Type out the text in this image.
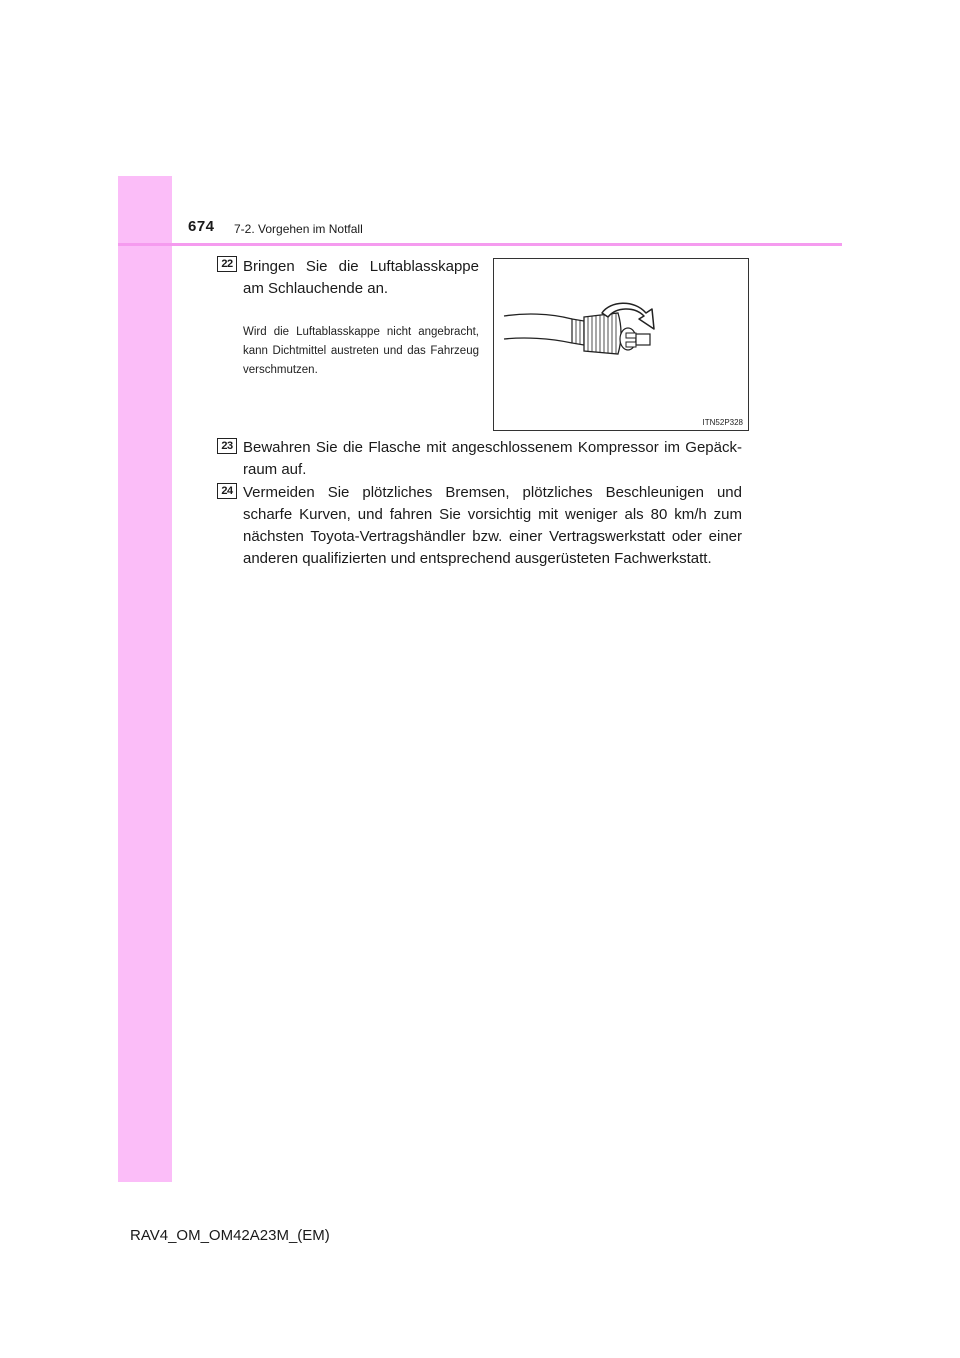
674 7-2. Vorgehen im Notfall
22 Bringen Sie die Luftablasskappe am Schlauchende an.
Wird die Luftablasskappe nicht angebracht, kann Dichtmittel austreten und das Fahrzeug verschmutzen.
ITN52P328
23 Bewahren Sie die Flasche mit angeschlossenem Kompressor im Gepäckraum auf.
24 Vermeiden Sie plötzliches Bremsen, plötzliches Beschleunigen und scharfe Kurven, und fahren Sie vorsichtig mit weniger als 80 km/h zum nächsten Toyota-Vertragshändler bzw. einer Vertragswerkstatt oder einer anderen qualifizierten und entsprechend ausgerüsteten Fachwerkstatt.
RAV4_OM_OM42A23M_(EM)
